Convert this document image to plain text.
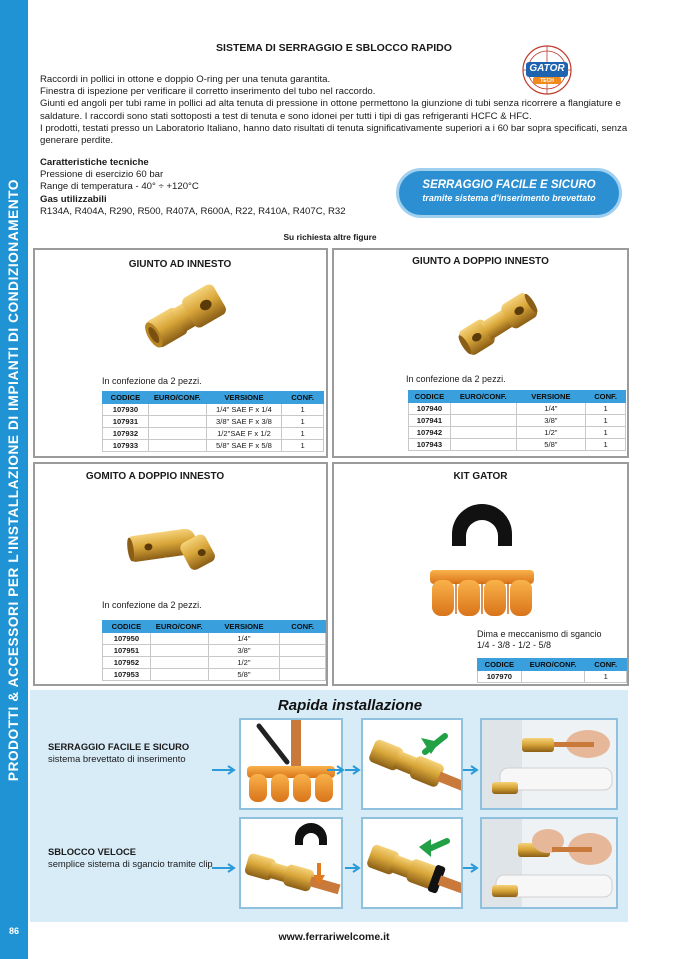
PRODOTTI & ACCESSORI PER L'INSTALLAZIONE DI IMPIANTI DI CONDIZIONAMENTO
86
SISTEMA DI SERRAGGIO E SBLOCCO RAPIDO
GATOR
TECH

Raccordi in pollici in ottone e doppio O-ring per una tenuta garantita.

Finestra di ispezione per verificare il corretto inserimento del tubo nel raccordo.

Giunti ed angoli per tubi rame in pollici ad alta tenuta di pressione in ottone permettono la giunzione di tubi senza ricorrere a flangiature e saldature. I raccordi sono stati sottoposti a test di tenuta e sono idonei per tutti i tipi di gas refrigeranti HCFC & HFC.

I prodotti, testati presso un Laboratorio Italiano, hanno dato risultati di tenuta significativamente superiori a i 60 bar sopra specificati, senza generare perdite.

Caratteristiche tecniche
Pressione di esercizio 60 bar
Range di temperatura - 40° ÷ +120°C
Gas utilizzabili
R134A, R404A, R290, R500, R407A, R600A, R22, R410A, R407C, R32
SERRAGGIO FACILE E SICURO
tramite sistema d'inserimento brevettato
Su richiesta altre figure
GIUNTO AD INNESTO
In confezione da 2 pezzi.
CODICE	EURO/CONF.	VERSIONE	CONF.
107930		1/4" SAE F x 1/4	1
107931		3/8" SAE F x 3/8	1
107932		1/2"SAE F x 1/2	1
107933		5/8" SAE F x 5/8	1
GIUNTO A DOPPIO INNESTO
In confezione da 2 pezzi.
CODICE	EURO/CONF.	VERSIONE	CONF.
107940		1/4"	1
107941		3/8"	1
107942		1/2"	1
107943		5/8"	1
GOMITO A DOPPIO INNESTO
In confezione da 2 pezzi.
CODICE	EURO/CONF.	VERSIONE	CONF.
107950		1/4"	
107951		3/8"	
107952		1/2"	
107953		5/8"	
KIT GATOR
Dima e meccanismo di sgancio
1/4 - 3/8 - 1/2 - 5/8
CODICE	EURO/CONF.	CONF.
107970		1
Rapida installazione
SERRAGGIO FACILE E SICURO
sistema brevettato di inserimento
SBLOCCO VELOCE
semplice sistema di sgancio tramite clip
www.ferrariwelcome.it
